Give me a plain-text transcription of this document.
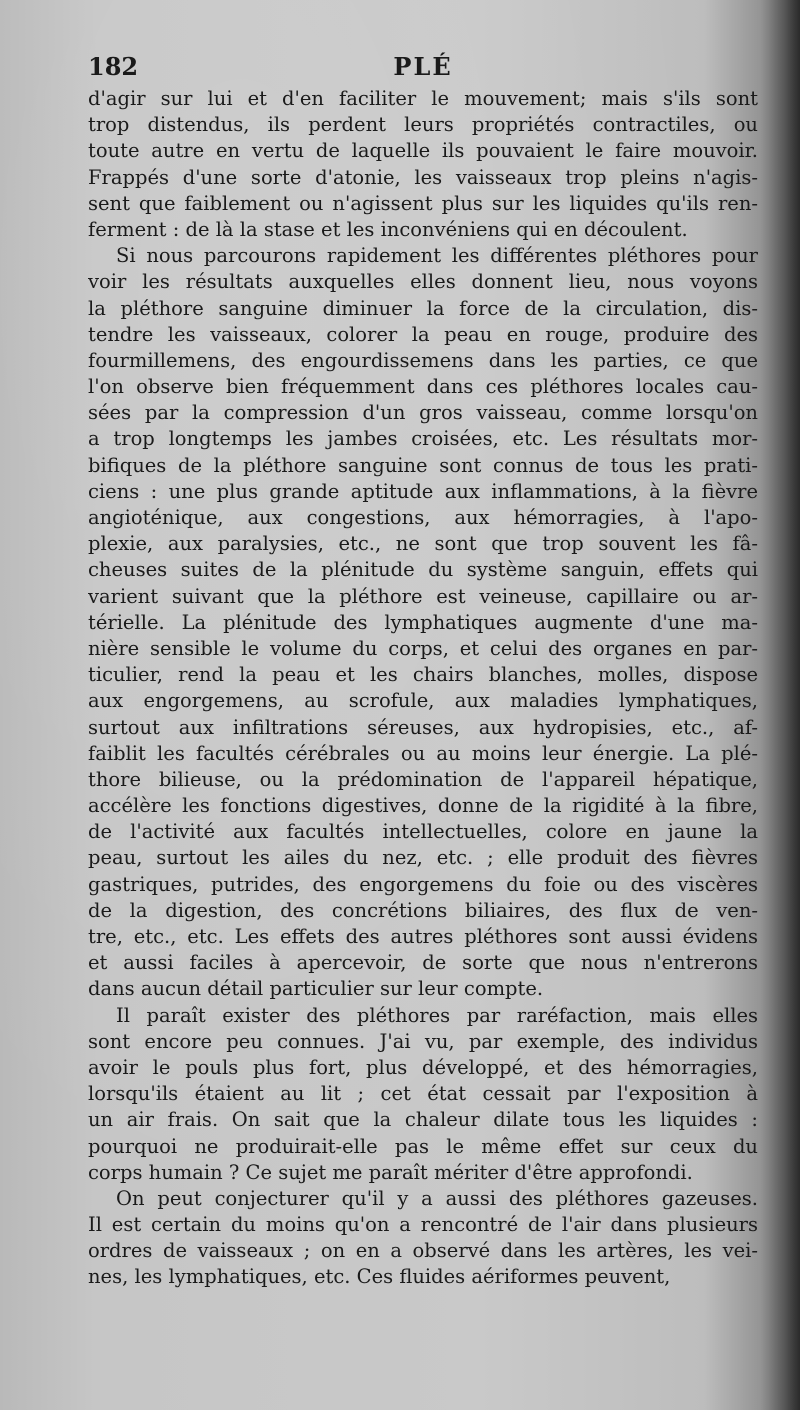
182	PLÉ
d'agir sur lui et d'en faciliter le mouvement; mais s'ils sont
trop distendus, ils perdent leurs propriétés contractiles, ou
toute autre en vertu de laquelle ils pouvaient le faire mouvoir.
Frappés d'une sorte d'atonie, les vaisseaux trop pleins n'agis-
sent que faiblement ou n'agissent plus sur les liquides qu'ils ren-
ferment : de là la stase et les inconvéniens qui en découlent.
Si nous parcourons rapidement les différentes pléthores pour
voir les résultats auxquelles elles donnent lieu, nous voyons
la pléthore sanguine diminuer la force de la circulation, dis-
tendre les vaisseaux, colorer la peau en rouge, produire des
fourmillemens, des engourdissemens dans les parties, ce que
l'on observe bien fréquemment dans ces pléthores locales cau-
sées par la compression d'un gros vaisseau, comme lorsqu'on
a trop longtemps les jambes croisées, etc. Les résultats mor-
bifiques de la pléthore sanguine sont connus de tous les prati-
ciens : une plus grande aptitude aux inflammations, à la fièvre
angioténique, aux congestions, aux hémorragies, à l'apo-
plexie, aux paralysies, etc., ne sont que trop souvent les fâ-
cheuses suites de la plénitude du système sanguin, effets qui
varient suivant que la pléthore est veineuse, capillaire ou ar-
térielle. La plénitude des lymphatiques augmente d'une ma-
nière sensible le volume du corps, et celui des organes en par-
ticulier, rend la peau et les chairs blanches, molles, dispose
aux engorgemens, au scrofule, aux maladies lymphatiques,
surtout aux infiltrations séreuses, aux hydropisies, etc., af-
faiblit les facultés cérébrales ou au moins leur énergie. La plé-
thore bilieuse, ou la prédomination de l'appareil hépatique,
accélère les fonctions digestives, donne de la rigidité à la fibre,
de l'activité aux facultés intellectuelles, colore en jaune la
peau, surtout les ailes du nez, etc. ; elle produit des fièvres
gastriques, putrides, des engorgemens du foie ou des viscères
de la digestion, des concrétions biliaires, des flux de ven-
tre, etc., etc. Les effets des autres pléthores sont aussi évidens
et aussi faciles à apercevoir, de sorte que nous n'entrerons
dans aucun détail particulier sur leur compte.
Il paraît exister des pléthores par raréfaction, mais elles
sont encore peu connues. J'ai vu, par exemple, des individus
avoir le pouls plus fort, plus développé, et des hémorragies,
lorsqu'ils étaient au lit ; cet état cessait par l'exposition à
un air frais. On sait que la chaleur dilate tous les liquides :
pourquoi ne produirait-elle pas le même effet sur ceux du
corps humain ? Ce sujet me paraît mériter d'être approfondi.
On peut conjecturer qu'il y a aussi des pléthores gazeuses.
Il est certain du moins qu'on a rencontré de l'air dans plusieurs
ordres de vaisseaux ; on en a observé dans les artères, les vei-
nes, les lymphatiques, etc. Ces fluides aériformes peuvent,
